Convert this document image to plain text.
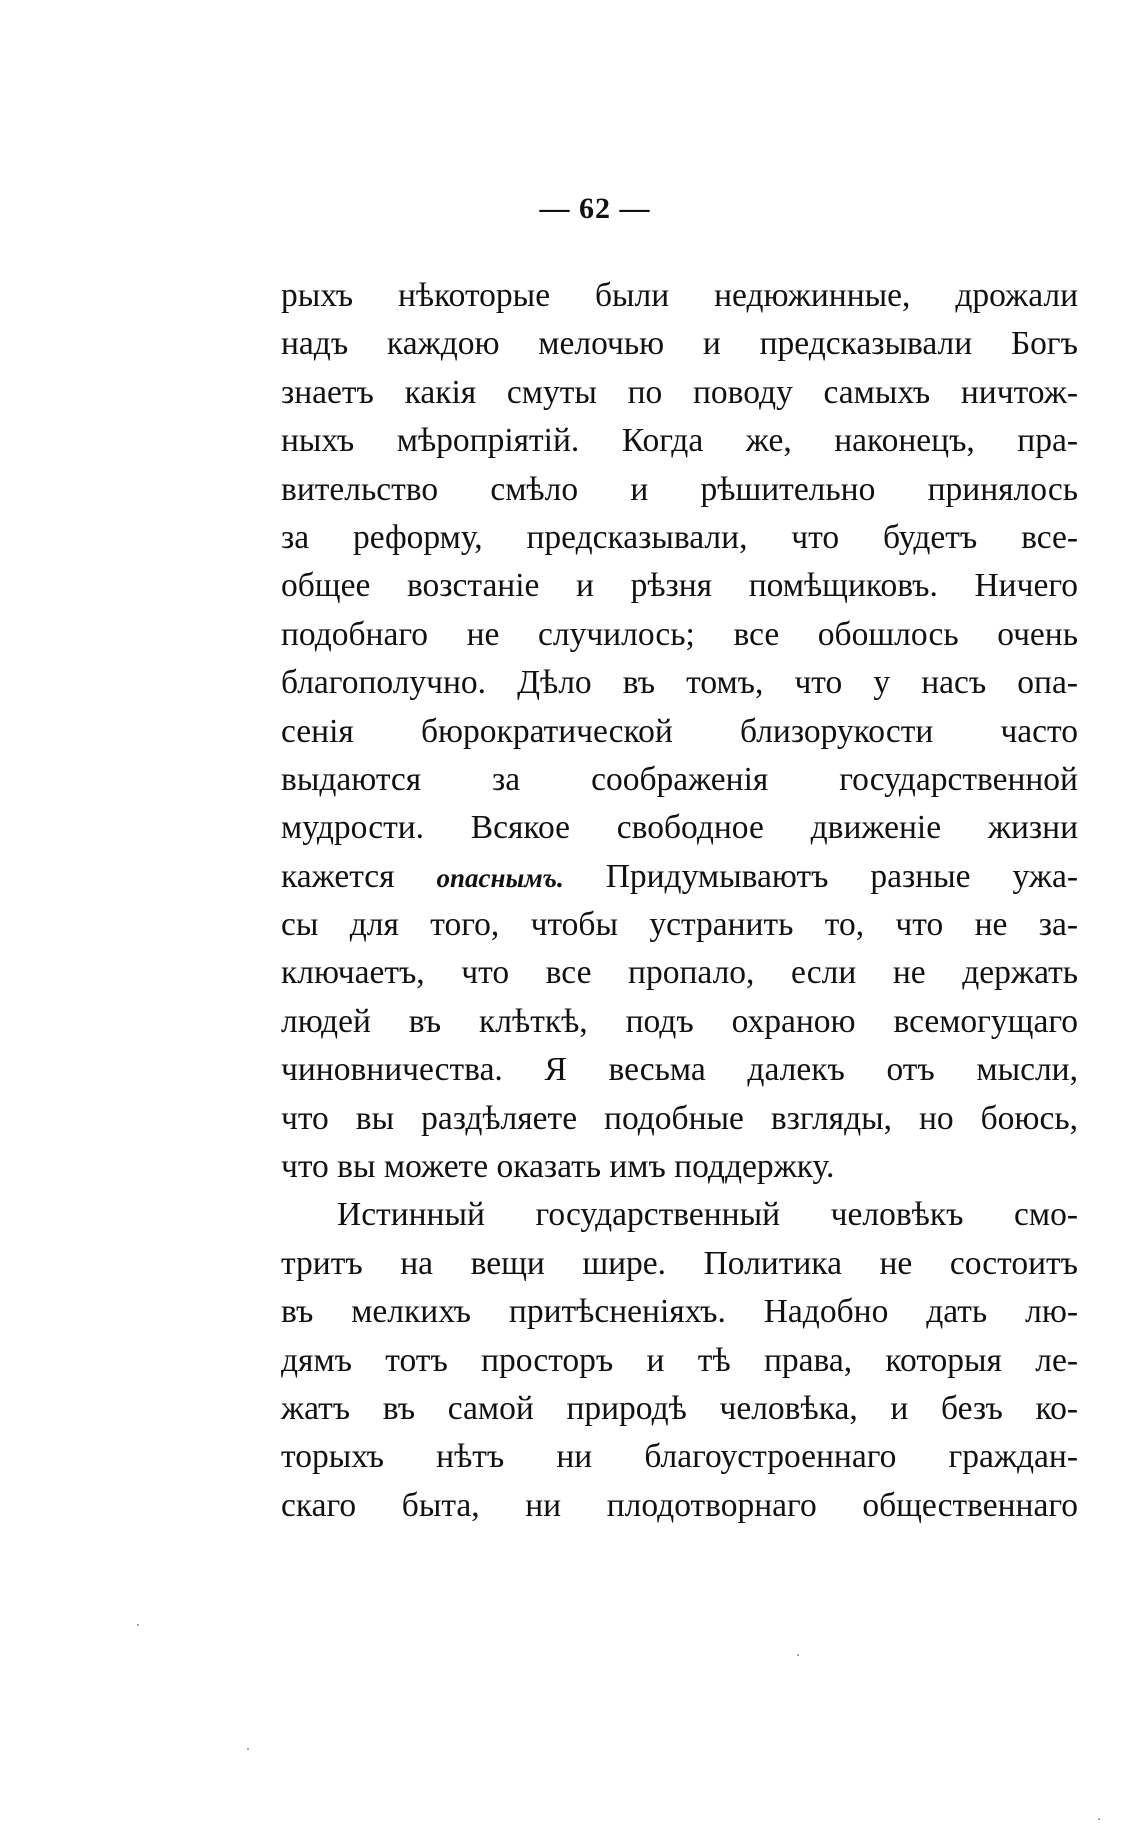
— 62 —
рыхъ нѣкоторые были недюжинные, дрожали
надъ каждою мелочью и предсказывали Богъ
знаетъ какія смуты по поводу самыхъ ничтож-
ныхъ мѣропріятій. Когда же, наконецъ, пра-
вительство смѣло и рѣшительно принялось
за реформу, предсказывали, что будетъ все-
общее возстаніе и рѣзня помѣщиковъ. Ничего
подобнаго не случилось; все обошлось очень
благополучно. Дѣло въ томъ, что у насъ опа-
сенія бюрократической близорукости часто
выдаются за соображенія государственной
мудрости. Всякое свободное движеніе жизни
кажется опаснымъ. Придумываютъ разные ужа-
сы для того, чтобы устранить то, что не за-
ключаетъ, что все пропало, если не держать
людей въ клѣткѣ, подъ охраною всемогущаго
чиновничества. Я весьма далекъ отъ мысли,
что вы раздѣляете подобные взгляды, но боюсь,
что вы можете оказать имъ поддержку.
Истинный государственный человѣкъ смо-
тритъ на вещи шире. Политика не состоитъ
въ мелкихъ притѣсненіяхъ. Надобно дать лю-
дямъ тотъ просторъ и тѣ права, которыя ле-
жатъ въ самой природѣ человѣка, и безъ ко-
торыхъ нѣтъ ни благоустроеннаго граждан-
скаго быта, ни плодотворнаго общественнаго
